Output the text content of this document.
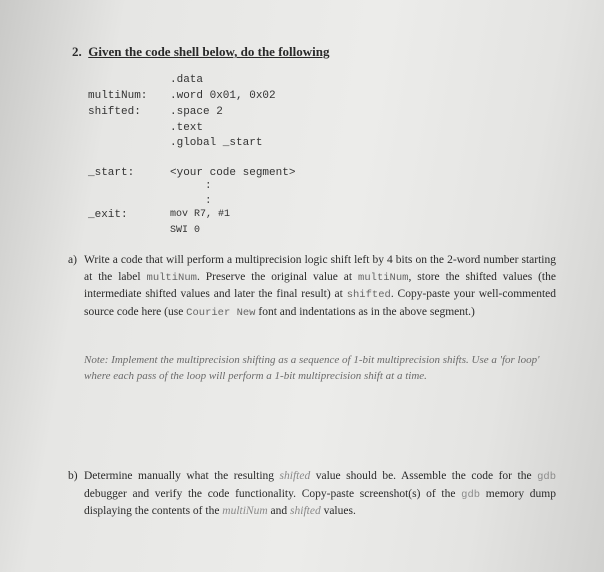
2. Given the code shell below, do the following
.data
multiNum: .word 0x01, 0x02
shifted:	.space 2
.text
.global _start
_start:	<your code segment>
:
:
_exit:	mov R7, #1
SWI 0
a) Write a code that will perform a multiprecision logic shift left by 4 bits on the 2-word number starting at the label multiNum. Preserve the original value at multiNum, store the shifted values (the intermediate shifted values and later the final result) at shifted. Copy-paste your well-commented source code here (use Courier New font and indentations as in the above segment.)

Note: Implement the multiprecision shifting as a sequence of 1-bit multiprecision shifts. Use a 'for loop' where each pass of the loop will perform a 1-bit multiprecision shift at a time.
b) Determine manually what the resulting shifted value should be. Assemble the code for the gdb debugger and verify the code functionality. Copy-paste screenshot(s) of the gdb memory dump displaying the contents of the multiNum and shifted values.
